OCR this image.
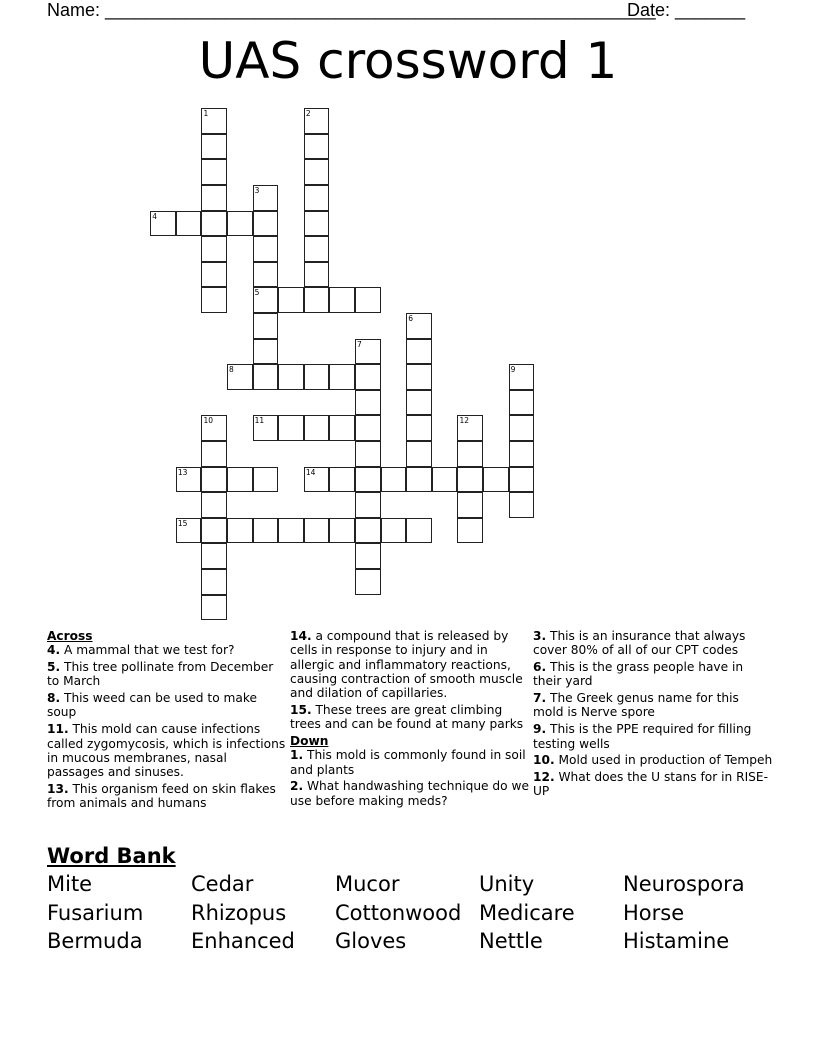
Name: _______________________________________________________
Date: _______
UAS crossword 1
1	2
3
5
4
6
7
8	9
10	11	12
13	14
15
Across
4. A mammal that we test for?
5. This tree pollinate from December to March
8. This weed can be used to make soup
11. This mold can cause infections called zygomycosis, which is infections in mucous membranes, nasal passages and sinuses.
13. This organism feed on skin flakes from animals and humans
14. a compound that is released by cells in response to injury and in allergic and inflammatory reactions, causing contraction of smooth muscle and dilation of capillaries.
15. These trees are great climbing trees and can be found at many parks
Down
1. This mold is commonly found in soil and plants
2. What handwashing technique do we use before making meds?
3. This is an insurance that always cover 80% of all of our CPT codes
6. This is the grass people have in their yard
7. The Greek genus name for this mold is Nerve spore
9. This is the PPE required for filling testing wells
10. Mold used in production of Tempeh
12. What does the U stans for in RISE-UP
Word Bank
Mite	Cedar	Mucor	Unity	Neurospora
Fusarium Rhizopus Cottonwood Medicare Horse
Bermuda Enhanced Gloves	Nettle	Histamine
